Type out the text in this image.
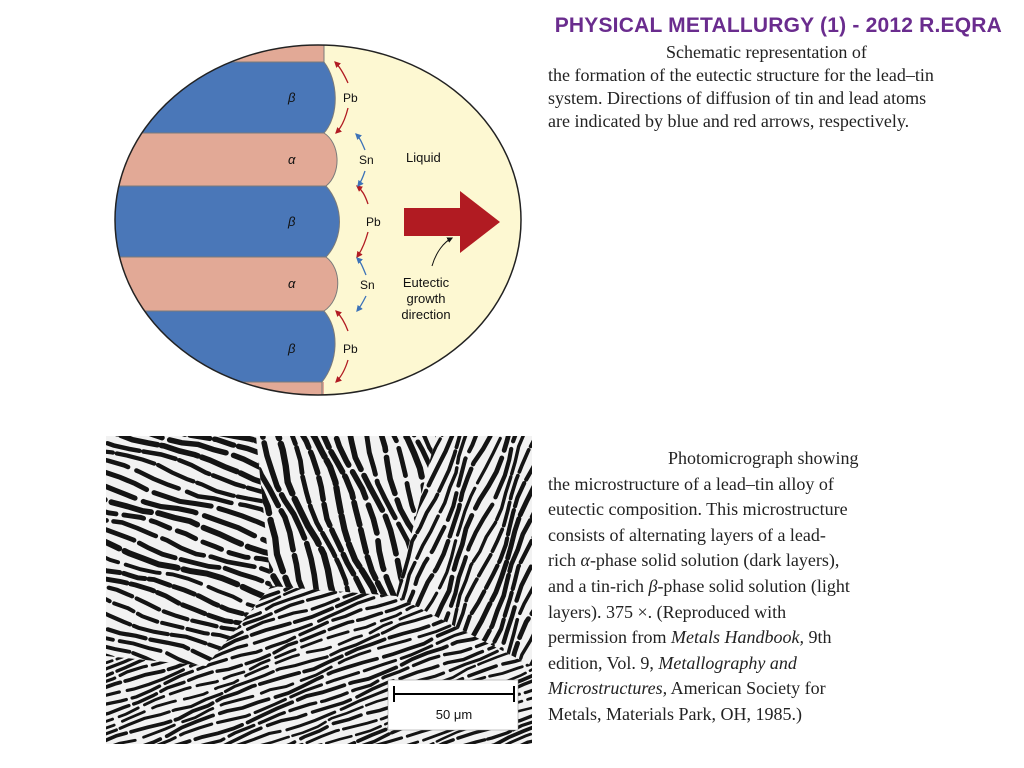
PHYSICAL METALLURGY (1) - 2012 R.EQRA
β
α
β
α
β
Pb
Sn
Pb
Sn
Pb
Liquid
Eutectic
growth
direction

Schematic representation of
the formation of the eutectic structure for the lead–tin system. Directions of diffusion of tin and lead atoms are indicated by blue and red arrows, respectively.

50 μm

Photomicrograph showing
the microstructure of a lead–tin alloy of
eutectic composition. This microstructure
consists of alternating layers of a lead-
rich α-phase solid solution (dark layers),
and a tin-rich β-phase solid solution (light
layers). 375 ×. (Reproduced with
permission from Metals Handbook, 9th
edition, Vol. 9, Metallography and
Microstructures, American Society for
Metals, Materials Park, OH, 1985.)
